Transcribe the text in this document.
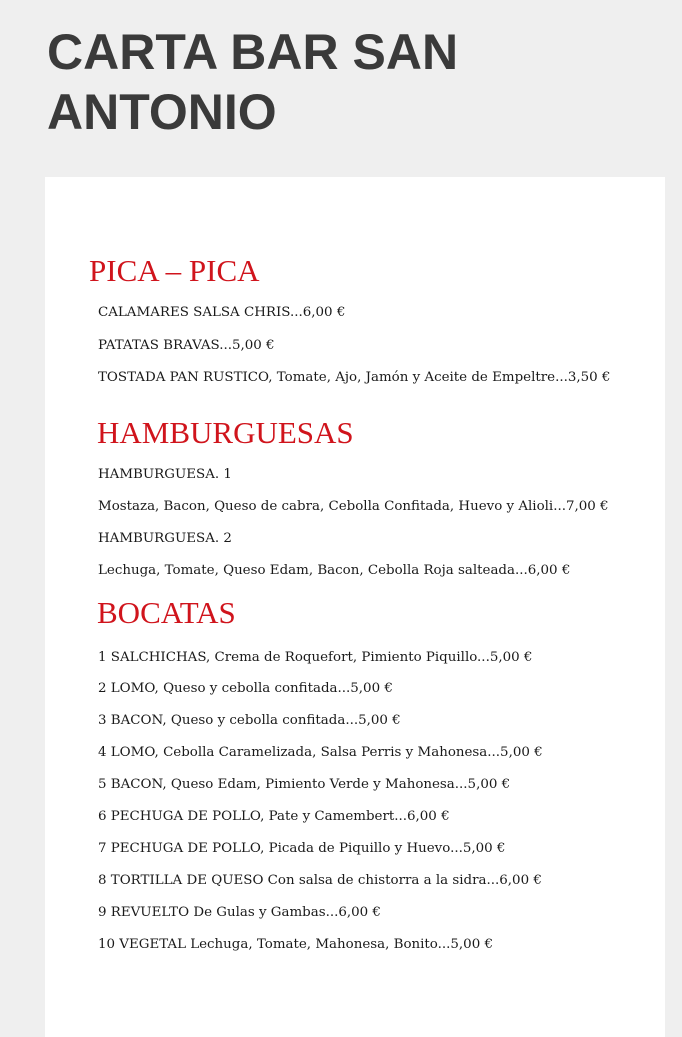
CARTA BAR SAN ANTONIO
PICA – PICA

CALAMARES SALSA CHRIS...6,00 €

PATATAS BRAVAS...5,00 €

TOSTADA PAN RUSTICO, Tomate, Ajo, Jamón y Aceite de Empeltre...3,50 €

HAMBURGUESAS

HAMBURGUESA. 1

Mostaza, Bacon, Queso de cabra, Cebolla Confitada, Huevo y Alioli...7,00 €

HAMBURGUESA. 2

Lechuga, Tomate, Queso Edam, Bacon, Cebolla Roja salteada...6,00 €

BOCATAS

1 SALCHICHAS, Crema de Roquefort, Pimiento Piquillo...5,00 €

2 LOMO, Queso y cebolla confitada...5,00 €

3 BACON, Queso y cebolla confitada...5,00 €

4 LOMO, Cebolla Caramelizada, Salsa Perris y Mahonesa...5,00 €

5 BACON, Queso Edam, Pimiento Verde y Mahonesa...5,00 €

6 PECHUGA DE POLLO, Pate y Camembert...6,00 €

7 PECHUGA DE POLLO, Picada de Piquillo y Huevo...5,00 €

8 TORTILLA DE QUESO Con salsa de chistorra a la sidra...6,00 €

9 REVUELTO De Gulas y Gambas...6,00 €

10 VEGETAL Lechuga, Tomate, Mahonesa, Bonito...5,00 €
